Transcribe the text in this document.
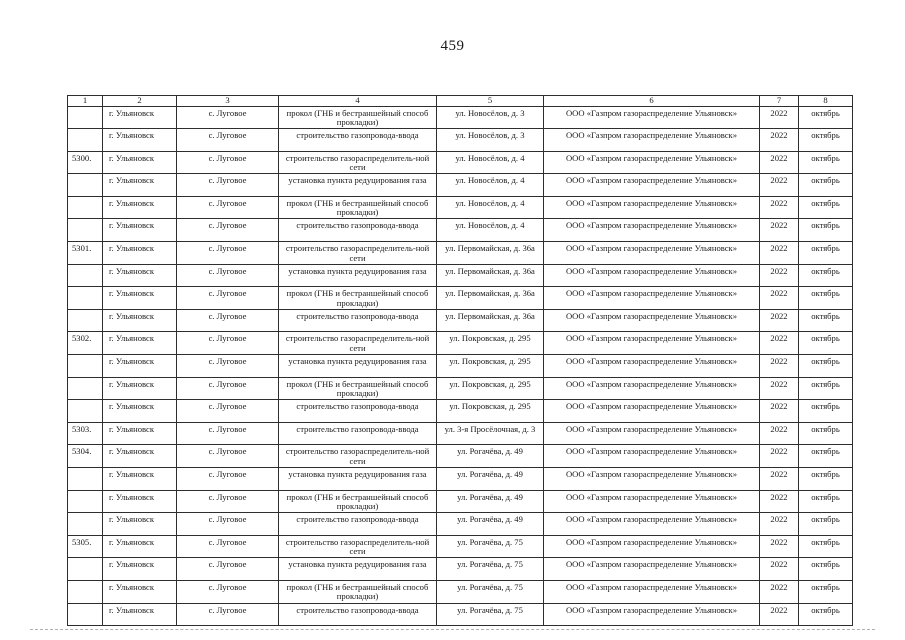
459
1	2	3	4	5	6	7	8
	г. Ульяновск	с. Луговое	прокол (ГНБ и бестраншейный способ прокладки)	ул. Новосёлов, д. 3	ООО «Газпром газораспределение Ульяновск»	2022	октябрь
	г. Ульяновск	с. Луговое	строительство газопровода-ввода	ул. Новосёлов, д. 3	ООО «Газпром газораспределение Ульяновск»	2022	октябрь
5300.	г. Ульяновск	с. Луговое	строительство газораспределитель-ной сети	ул. Новосёлов, д. 4	ООО «Газпром газораспределение Ульяновск»	2022	октябрь
	г. Ульяновск	с. Луговое	установка пункта редуцирования газа	ул. Новосёлов, д. 4	ООО «Газпром газораспределение Ульяновск»	2022	октябрь
	г. Ульяновск	с. Луговое	прокол (ГНБ и бестраншейный способ прокладки)	ул. Новосёлов, д. 4	ООО «Газпром газораспределение Ульяновск»	2022	октябрь
	г. Ульяновск	с. Луговое	строительство газопровода-ввода	ул. Новосёлов, д. 4	ООО «Газпром газораспределение Ульяновск»	2022	октябрь
5301.	г. Ульяновск	с. Луговое	строительство газораспределитель-ной сети	ул. Первомайская, д. 36а	ООО «Газпром газораспределение Ульяновск»	2022	октябрь
	г. Ульяновск	с. Луговое	установка пункта редуцирования газа	ул. Первомайская, д. 36а	ООО «Газпром газораспределение Ульяновск»	2022	октябрь
	г. Ульяновск	с. Луговое	прокол (ГНБ и бестраншейный способ прокладки)	ул. Первомайская, д. 36а	ООО «Газпром газораспределение Ульяновск»	2022	октябрь
	г. Ульяновск	с. Луговое	строительство газопровода-ввода	ул. Первомайская, д. 36а	ООО «Газпром газораспределение Ульяновск»	2022	октябрь
5302.	г. Ульяновск	с. Луговое	строительство газораспределитель-ной сети	ул. Покровская, д. 295	ООО «Газпром газораспределение Ульяновск»	2022	октябрь
	г. Ульяновск	с. Луговое	установка пункта редуцирования газа	ул. Покровская, д. 295	ООО «Газпром газораспределение Ульяновск»	2022	октябрь
	г. Ульяновск	с. Луговое	прокол (ГНБ и бестраншейный способ прокладки)	ул. Покровская, д. 295	ООО «Газпром газораспределение Ульяновск»	2022	октябрь
	г. Ульяновск	с. Луговое	строительство газопровода-ввода	ул. Покровская, д. 295	ООО «Газпром газораспределение Ульяновск»	2022	октябрь
5303.	г. Ульяновск	с. Луговое	строительство газопровода-ввода	ул. 3-я Просёлочная, д. 3	ООО «Газпром газораспределение Ульяновск»	2022	октябрь
5304.	г. Ульяновск	с. Луговое	строительство газораспределитель-ной сети	ул. Рогачёва, д. 49	ООО «Газпром газораспределение Ульяновск»	2022	октябрь
	г. Ульяновск	с. Луговое	установка пункта редуцирования газа	ул. Рогачёва, д. 49	ООО «Газпром газораспределение Ульяновск»	2022	октябрь
	г. Ульяновск	с. Луговое	прокол (ГНБ и бестраншейный способ прокладки)	ул. Рогачёва, д. 49	ООО «Газпром газораспределение Ульяновск»	2022	октябрь
	г. Ульяновск	с. Луговое	строительство газопровода-ввода	ул. Рогачёва, д. 49	ООО «Газпром газораспределение Ульяновск»	2022	октябрь
5305.	г. Ульяновск	с. Луговое	строительство газораспределитель-ной сети	ул. Рогачёва, д. 75	ООО «Газпром газораспределение Ульяновск»	2022	октябрь
	г. Ульяновск	с. Луговое	установка пункта редуцирования газа	ул. Рогачёва, д. 75	ООО «Газпром газораспределение Ульяновск»	2022	октябрь
	г. Ульяновск	с. Луговое	прокол (ГНБ и бестраншейный способ прокладки)	ул. Рогачёва, д. 75	ООО «Газпром газораспределение Ульяновск»	2022	октябрь
	г. Ульяновск	с. Луговое	строительство газопровода-ввода	ул. Рогачёва, д. 75	ООО «Газпром газораспределение Ульяновск»	2022	октябрь
